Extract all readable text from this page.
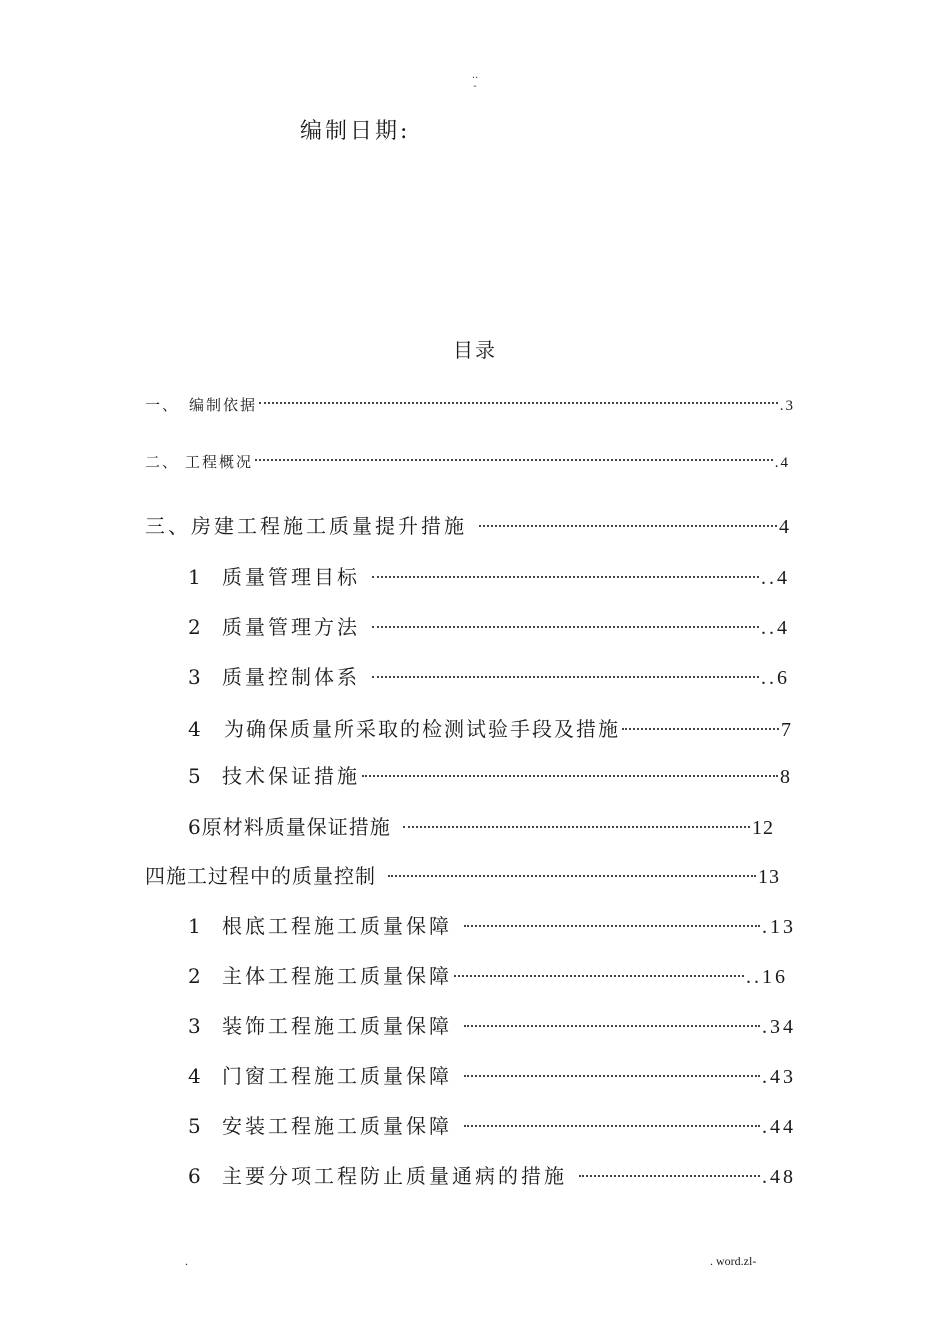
..
-
编制日期:
目录
一、 编制依据	.3
二、 工程概况	.4
三、房建工程施工质量提升措施	4
1 质量管理目标	..4
2 质量管理方法	..4
3 质量控制体系	..6
4	为确保质量所采取的检测试验手段及措施	7
5 技术保证措施	8
6原材料质量保证措施	12
四施工过程中的质量控制	13
1 根底工程施工质量保障	.13
2 主体工程施工质量保障	..16
3 装饰工程施工质量保障	.34
4 门窗工程施工质量保障	.43
5 安装工程施工质量保障	.44
6 主要分项工程防止质量通病的措施	.48
.	. word.zl-
